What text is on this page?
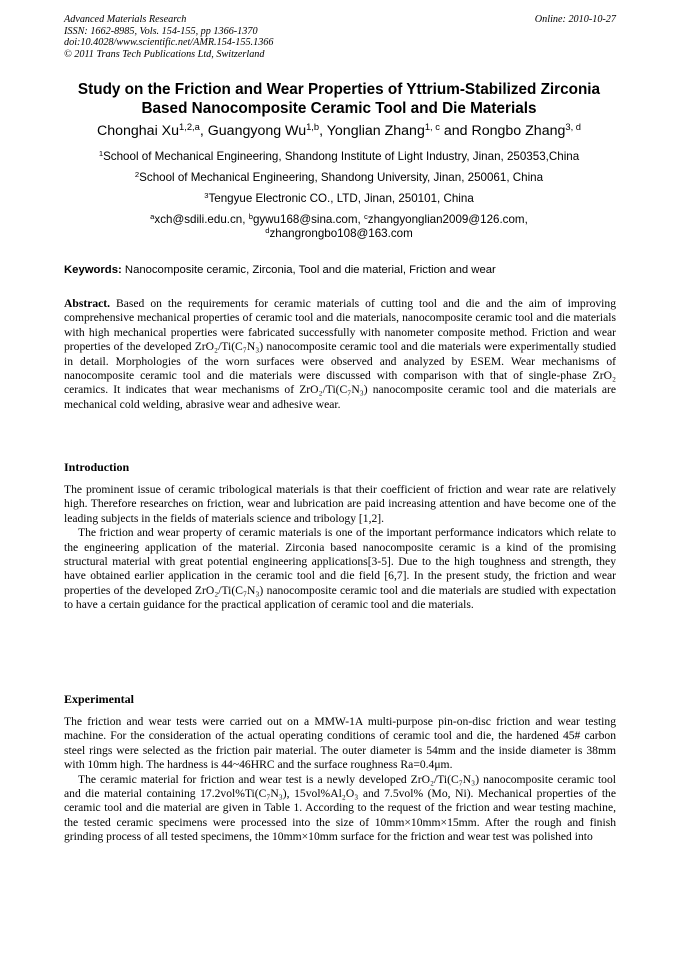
Advanced Materials Research
ISSN: 1662-8985, Vols. 154-155, pp 1366-1370
doi:10.4028/www.scientific.net/AMR.154-155.1366
© 2011 Trans Tech Publications Ltd, Switzerland
Online: 2010-10-27
Study on the Friction and Wear Properties of Yttrium-Stabilized Zirconia
Based Nanocomposite Ceramic Tool and Die Materials
Chonghai Xu$^{1,2,a}$, Guangyong Wu$^{1,b}$, Yonglian Zhang$^{1, c}$ and Rongbo Zhang$^{3, d}$
$^1$School of Mechanical Engineering, Shandong Institute of Light Industry, Jinan, 250353,China
$^2$School of Mechanical Engineering, Shandong University, Jinan, 250061, China
$^3$Tengyue Electronic CO., LTD, Jinan, 250101, China
$^a$xch@sdili.edu.cn, $^b$gywu168@sina.com, $^c$zhangyonglian2009@126.com,
$^d$zhangrongbo108@163.com
Keywords: Nanocomposite ceramic, Zirconia, Tool and die material, Friction and wear

Abstract. Based on the requirements for ceramic materials of cutting tool and die and the aim of improving comprehensive mechanical properties of ceramic tool and die materials, nanocomposite ceramic tool and die materials with high mechanical properties were fabricated successfully with nanometer composite method. Friction and wear properties of the developed ZrO₂/Ti(C₇N₃) nanocomposite ceramic tool and die materials were experimentally studied in detail. Morphologies of the worn surfaces were observed and analyzed by ESEM. Wear mechanisms of nanocomposite ceramic tool and die materials were discussed with comparison with that of single-phase ZrO₂ ceramics. It indicates that wear mechanisms of ZrO₂/Ti(C₇N₃) nanocomposite ceramic tool and die materials are mechanical cold welding, abrasive wear and adhesive wear.

Introduction

The prominent issue of ceramic tribological materials is that their coefficient of friction and wear rate are relatively high. Therefore researches on friction, wear and lubrication are paid increasing attention and have become one of the leading subjects in the fields of materials science and tribology [1,2].

The friction and wear property of ceramic materials is one of the important performance indicators which relate to the engineering application of the material. Zirconia based nanocomposite ceramic is a kind of the promising structural material with great potential engineering applications[3-5]. Due to the high toughness and strength, they have obtained earlier application in the ceramic tool and die field [6,7]. In the present study, the friction and wear properties of the developed ZrO₂/Ti(C₇N₃) nanocomposite ceramic tool and die materials are studied with expectation to have a certain guidance for the practical application of ceramic tool and die materials.

Experimental

The friction and wear tests were carried out on a MMW-1A multi-purpose pin-on-disc friction and wear testing machine. For the consideration of the actual operating conditions of ceramic tool and die, the hardened 45# carbon steel rings were selected as the friction pair material. The outer diameter is 54mm and the inside diameter is 38mm with 10mm high. The hardness is 44~46HRC and the surface roughness Ra=0.4μm.

The ceramic material for friction and wear test is a newly developed ZrO₂/Ti(C₇N₃) nanocomposite ceramic tool and die material containing 17.2vol%Ti(C₇N₃), 15vol%Al₂O₃ and 7.5vol% (Mo, Ni). Mechanical properties of the ceramic tool and die material are given in Table 1. According to the request of the friction and wear testing machine, the tested ceramic specimens were processed into the size of 10mm×10mm×15mm. After the rough and finish grinding process of all tested specimens, the 10mm×10mm surface for the friction and wear test was polished into
